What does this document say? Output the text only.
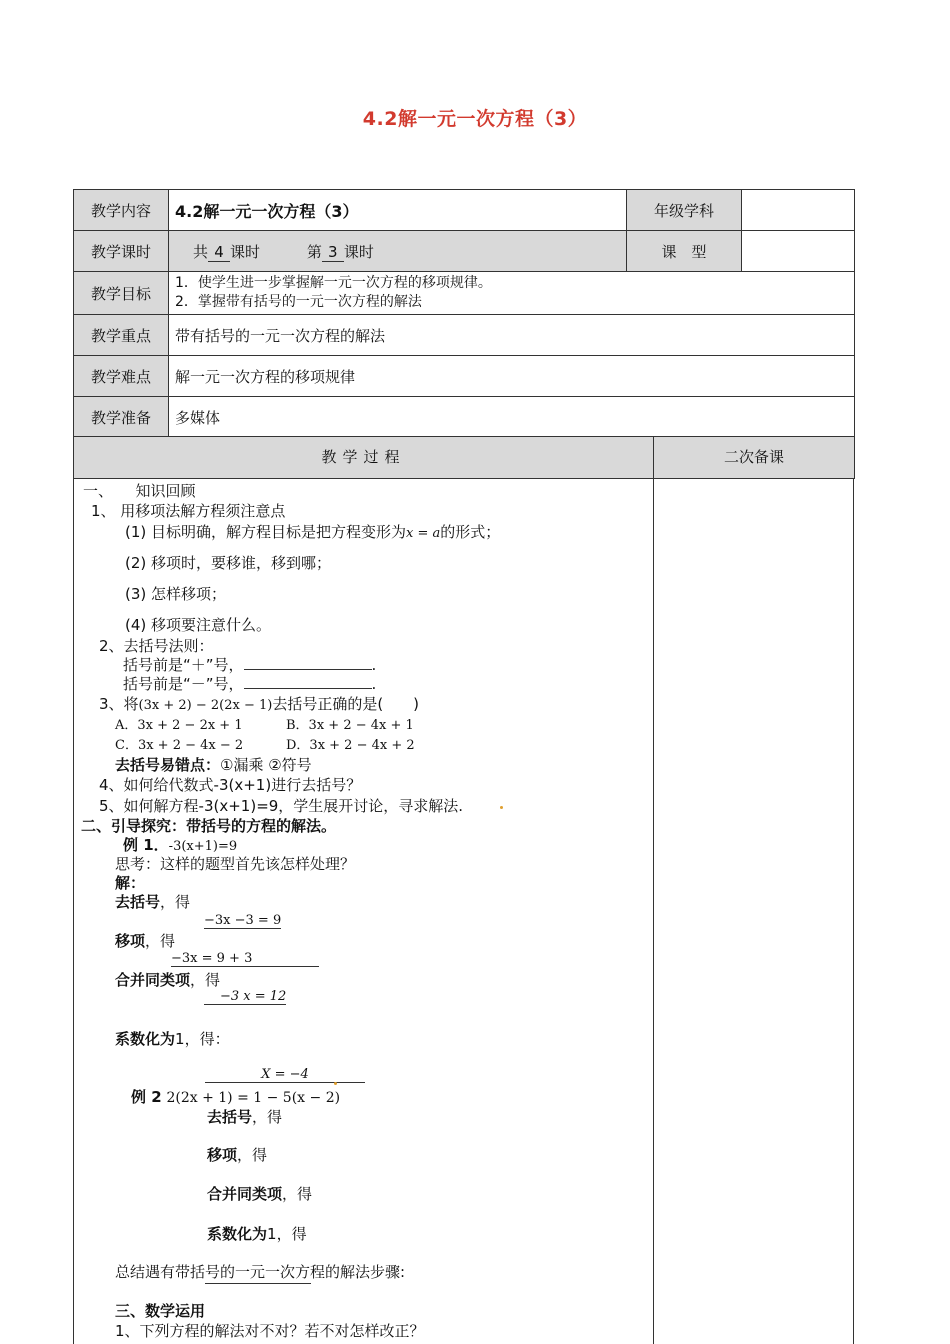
4.2解一元一次方程（3）
教学内容	4.2解一元一次方程（3）	年级学科	
教学课时	共 4 课时 第 3 课时	课　型	
教学目标	1．使学生进一步掌握解一元一次方程的移项规律。
2．掌握带有括号的一元一次方程的解法		

教学重点	带有括号的一元一次方程的解法		
教学难点	解一元一次方程的移项规律		
教学准备	多媒体		
教学过程	二次备课
一、　　知识回顾
1、 用移项法解方程须注意点
(1) 目标明确，解方程目标是把方程变形为x = a的形式；
(2) 移项时，要移谁，移到哪；
(3) 怎样移项；
(4) 移项要注意什么。
2、去括号法则：
括号前是“＋”号，	.
括号前是“－”号，	.
3、将(3x + 2) − 2(2x − 1)去括号正确的是(　　)
A．3x + 2 − 2x + 1	B．3x + 2 − 4x + 1
C．3x + 2 − 4x − 2	D．3x + 2 − 4x + 2
去括号易错点：①漏乘 ②符号
4、如何给代数式-3(x+1)进行去括号？
5、如何解方程-3(x+1)=9，学生展开讨论，寻求解法.
二、引导探究：带括号的方程的解法。
例 1．-3(x+1)=9
思考：这样的题型首先该怎样处理？
解：
去括号，得
−3x −3 = 9
移项，得
−3x = 9 + 3
合并同类项，得
−3 x = 12
系数化为1，得：
X = −4
例 2 2(2x + 1) = 1 − 5(x − 2)
去括号，得
移项，得
合并同类项，得
系数化为1，得
总结遇有带括号的一元一次方程的解法步骤:
三、数学运用
1、下列方程的解法对不对？若不对怎样改正？
